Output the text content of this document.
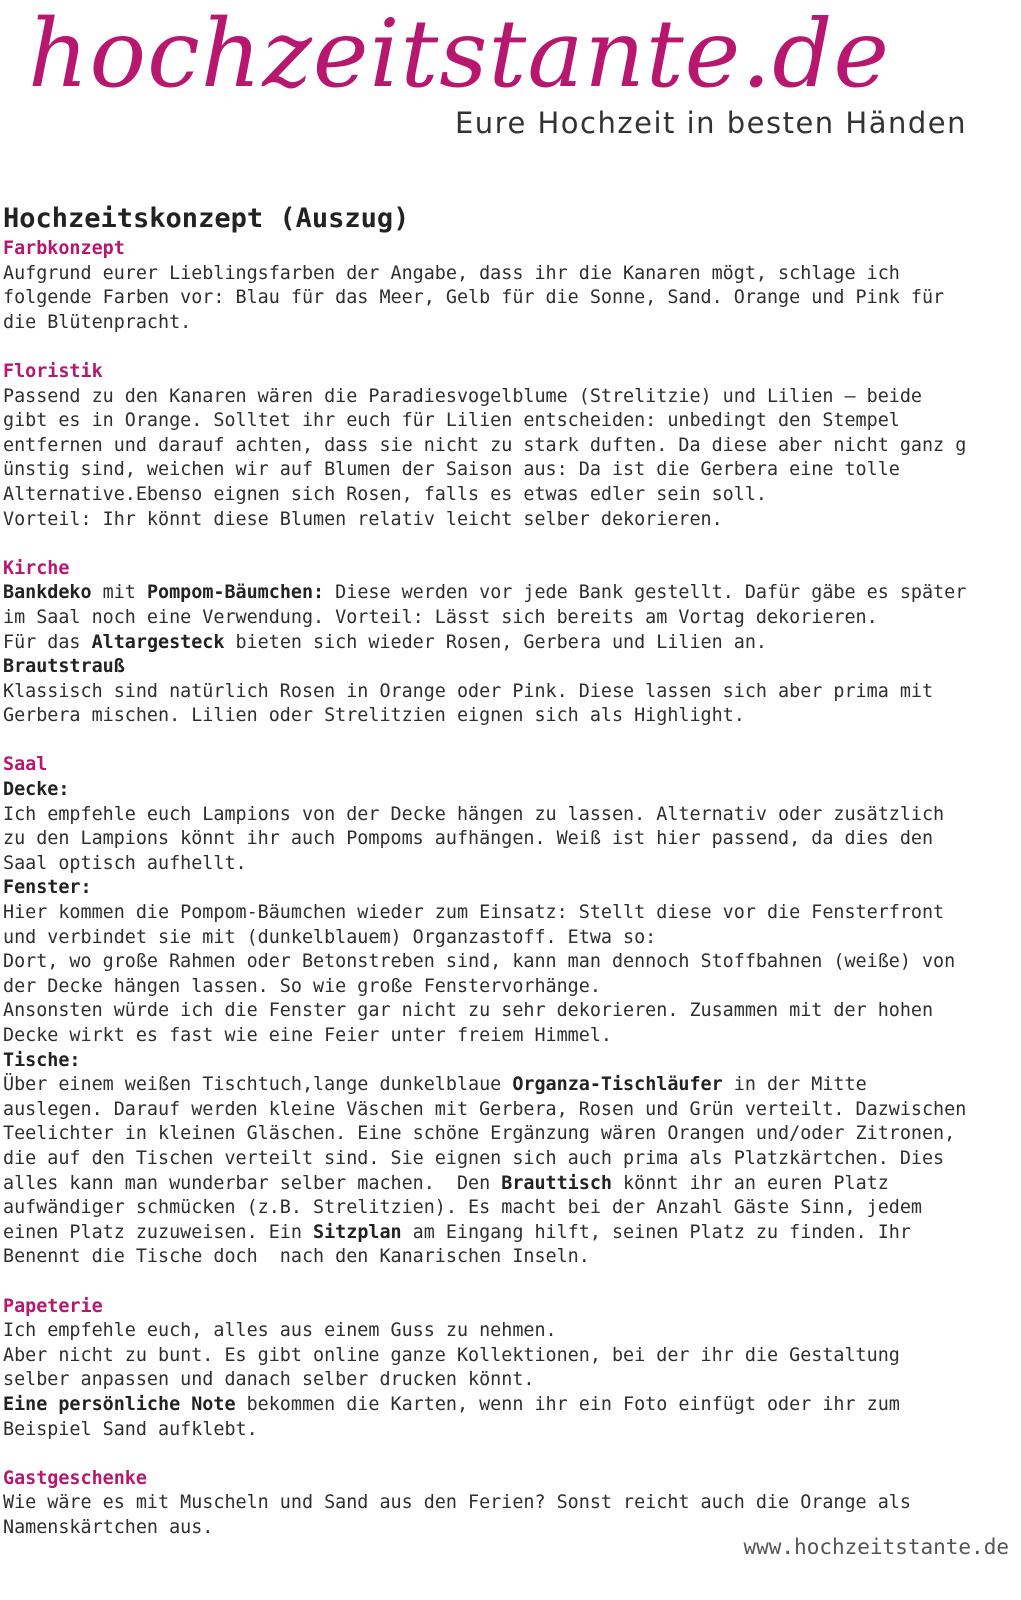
hochzeitstante.de
Eure Hochzeit in besten Händen
Hochzeitskonzept (Auszug)

Farbkonzept

Aufgrund eurer Lieblingsfarben der Angabe, dass ihr die Kanaren mögt, schlage ich
folgende Farben vor: Blau für das Meer, Gelb für die Sonne, Sand. Orange und Pink für
die Blütenpracht.

Floristik

Passend zu den Kanaren wären die Paradiesvogelblume (Strelitzie) und Lilien – beide
gibt es in Orange. Solltet ihr euch für Lilien entscheiden: unbedingt den Stempel
entfernen und darauf achten, dass sie nicht zu stark duften. Da diese aber nicht ganz g
ünstig sind, weichen wir auf Blumen der Saison aus: Da ist die Gerbera eine tolle
Alternative.Ebenso eignen sich Rosen, falls es etwas edler sein soll.
Vorteil: Ihr könnt diese Blumen relativ leicht selber dekorieren.

Kirche

Bankdeko mit Pompom-Bäumchen: Diese werden vor jede Bank gestellt. Dafür gäbe es später
im Saal noch eine Verwendung. Vorteil: Lässt sich bereits am Vortag dekorieren.
Für das Altargesteck bieten sich wieder Rosen, Gerbera und Lilien an.

Brautstrauß

Klassisch sind natürlich Rosen in Orange oder Pink. Diese lassen sich aber prima mit
Gerbera mischen. Lilien oder Strelitzien eignen sich als Highlight.

Saal

Decke:

Ich empfehle euch Lampions von der Decke hängen zu lassen. Alternativ oder zusätzlich
zu den Lampions könnt ihr auch Pompoms aufhängen. Weiß ist hier passend, da dies den
Saal optisch aufhellt.

Fenster:

Hier kommen die Pompom-Bäumchen wieder zum Einsatz: Stellt diese vor die Fensterfront
und verbindet sie mit (dunkelblauem) Organzastoff. Etwa so:
Dort, wo große Rahmen oder Betonstreben sind, kann man dennoch Stoffbahnen (weiße) von
der Decke hängen lassen. So wie große Fenstervorhänge.
Ansonsten würde ich die Fenster gar nicht zu sehr dekorieren. Zusammen mit der hohen
Decke wirkt es fast wie eine Feier unter freiem Himmel.

Tische:

Über einem weißen Tischtuch,lange dunkelblaue Organza-Tischläufer in der Mitte
auslegen. Darauf werden kleine Väschen mit Gerbera, Rosen und Grün verteilt. Dazwischen
Teelichter in kleinen Gläschen. Eine schöne Ergänzung wären Orangen und/oder Zitronen,
die auf den Tischen verteilt sind. Sie eignen sich auch prima als Platzkärtchen. Dies
alles kann man wunderbar selber machen.  Den Brauttisch könnt ihr an euren Platz
aufwändiger schmücken (z.B. Strelitzien). Es macht bei der Anzahl Gäste Sinn, jedem
einen Platz zuzuweisen. Ein Sitzplan am Eingang hilft, seinen Platz zu finden. Ihr
Benennt die Tische doch  nach den Kanarischen Inseln.

Papeterie

Ich empfehle euch, alles aus einem Guss zu nehmen.
Aber nicht zu bunt. Es gibt online ganze Kollektionen, bei der ihr die Gestaltung
selber anpassen und danach selber drucken könnt.
Eine persönliche Note bekommen die Karten, wenn ihr ein Foto einfügt oder ihr zum
Beispiel Sand aufklebt.

Gastgeschenke

Wie wäre es mit Muscheln und Sand aus den Ferien? Sonst reicht auch die Orange als
Namenskärtchen aus.

www.hochzeitstante.de
